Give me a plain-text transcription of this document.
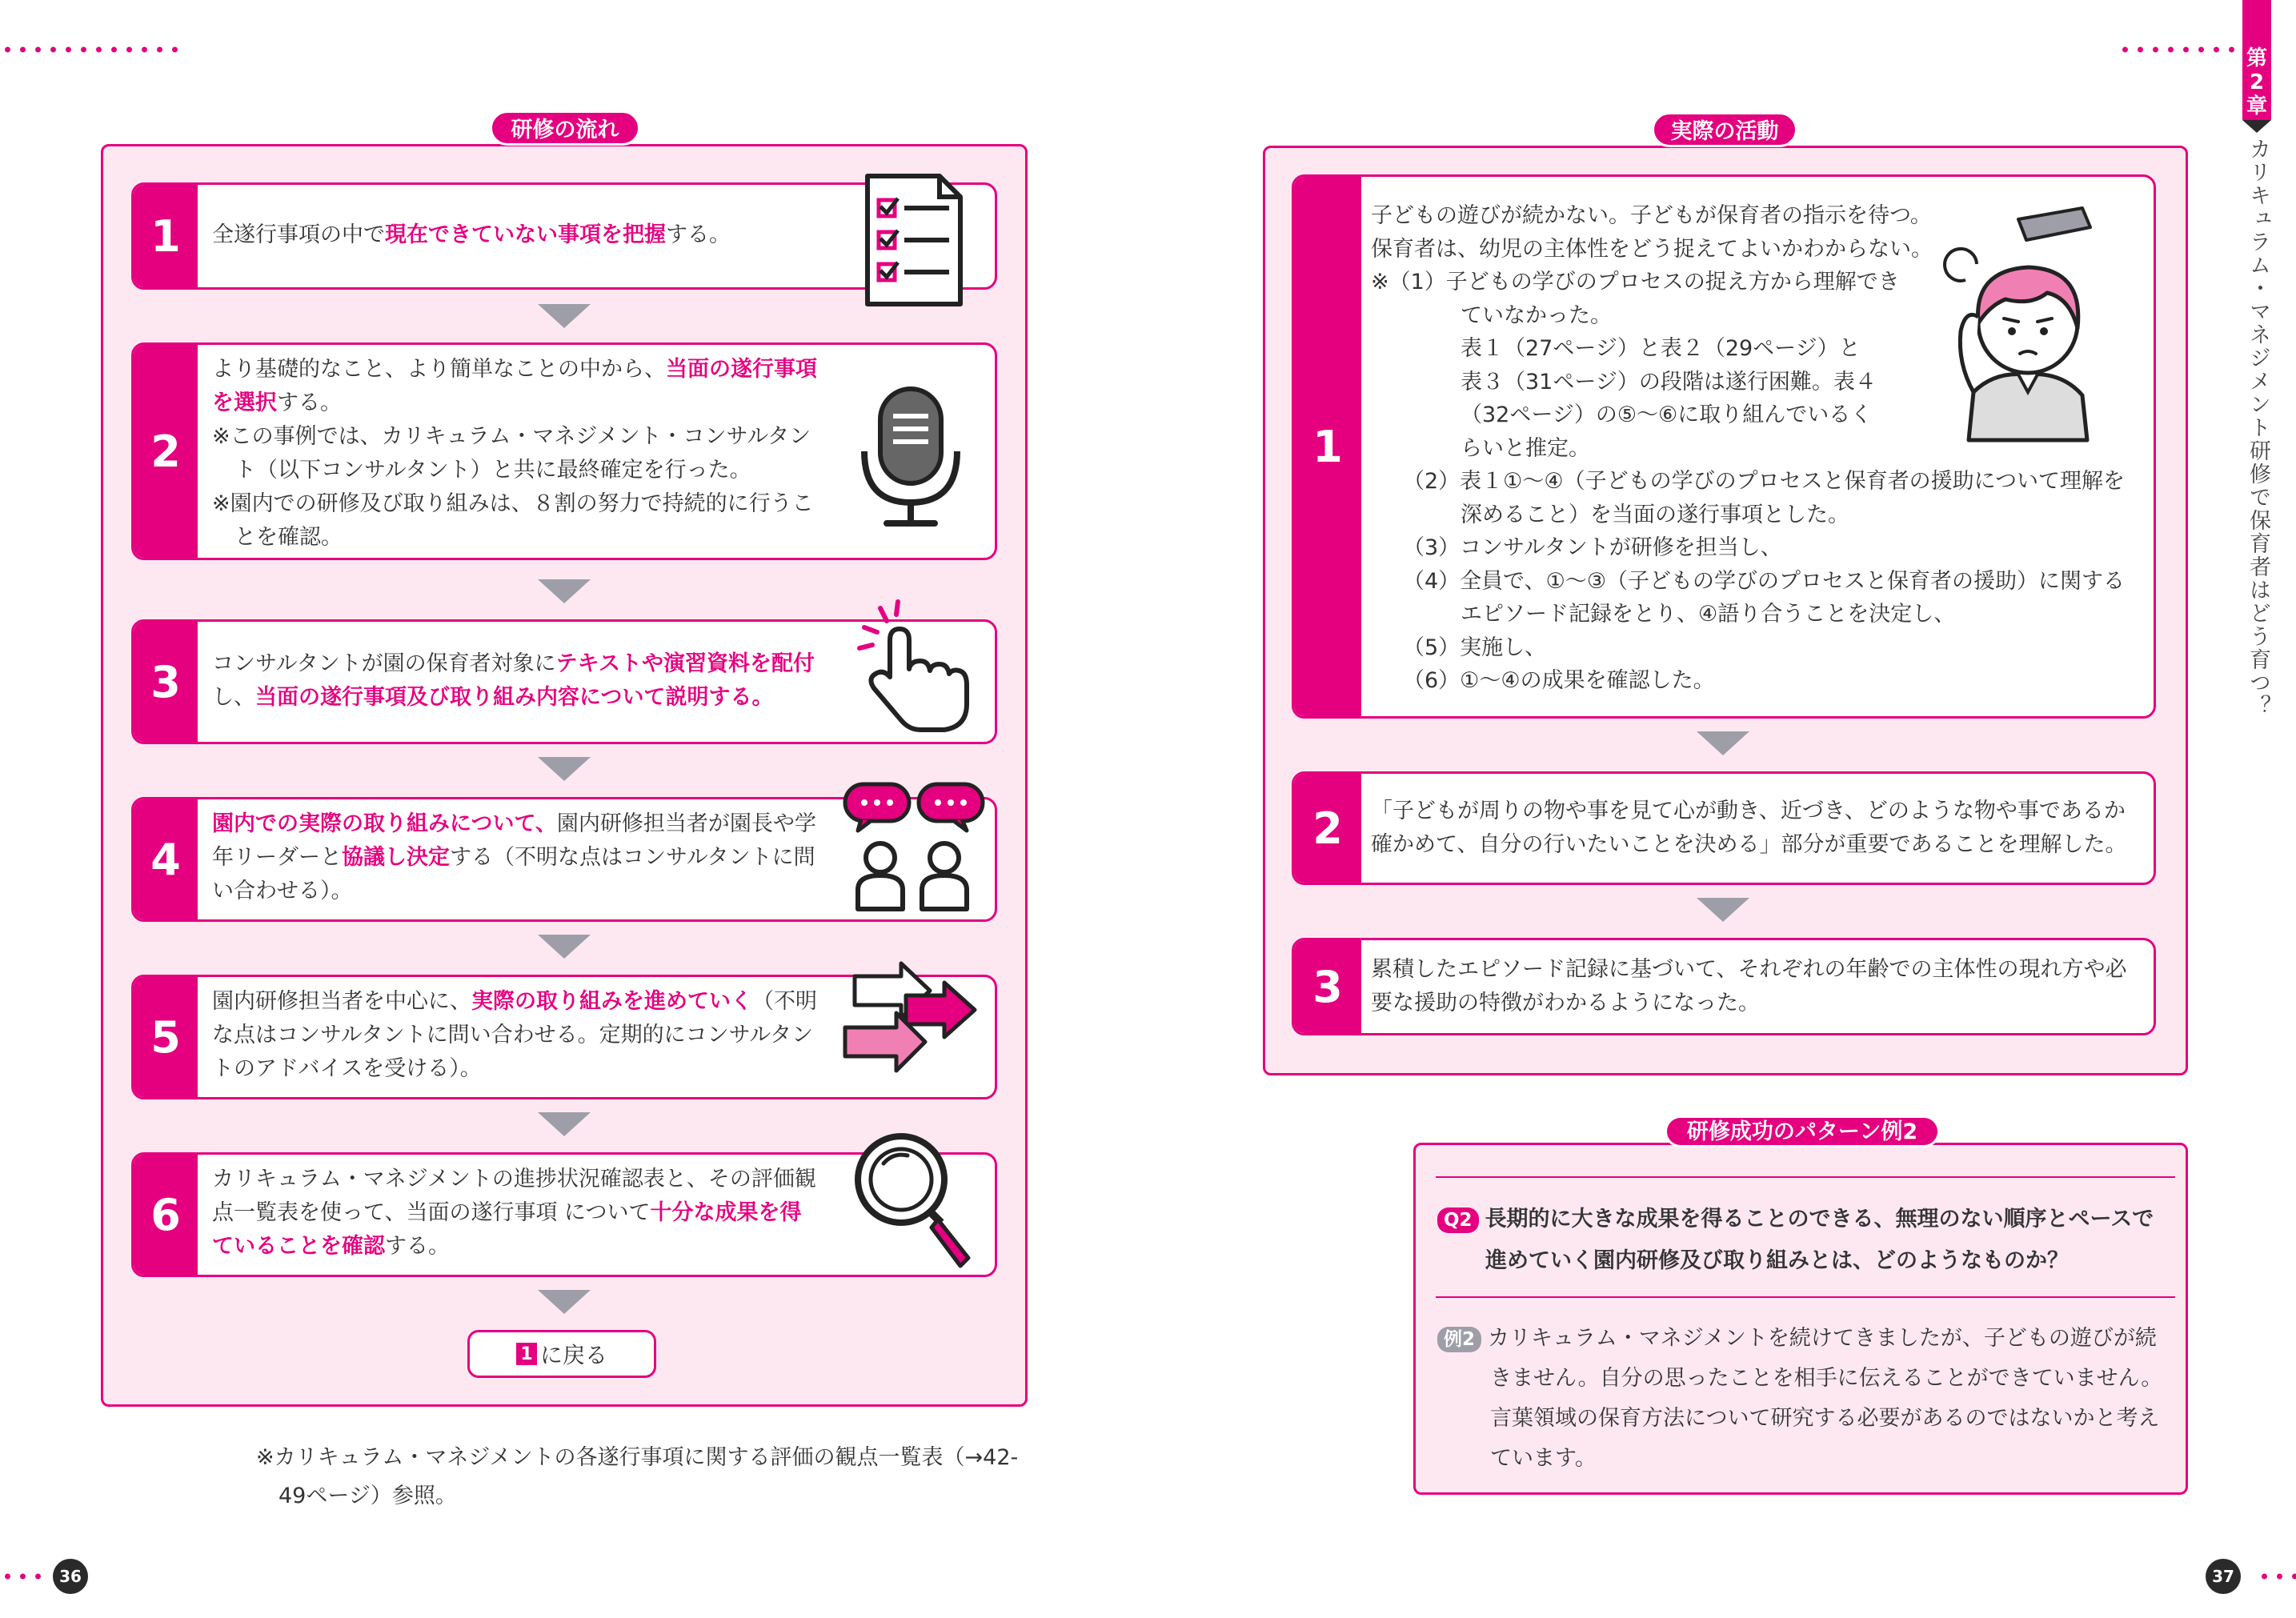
36	37
第
2
章
カリキュラム・マネジメント研修で保育者はどう育つ？
研修の流れ
1	全遂行事項の中で現在できていない事項を把握する。
2
より基礎的なこと、より簡単なことの中から、当面の遂行事項を選択する。
※この事例では、カリキュラム・マネジメント・コンサルタント（以下コンサルタント）と共に最終確定を行った。
※園内での研修及び取り組みは、８割の努力で持続的に行うことを確認。
3	コンサルタントが園の保育者対象にテキストや演習資料を配付し、当面の遂行事項及び取り組み内容について説明する。
4
園内での実際の取り組みについて、園内研修担当者が園長や学年リーダーと協議し決定する（不明な点はコンサルタントに問い合わせる）。
5
園内研修担当者を中心に、実際の取り組みを進めていく（不明な点はコンサルタントに問い合わせる。定期的にコンサルタントのアドバイスを受ける）。
6
カリキュラム・マネジメントの進捗状況確認表と、その評価観点一覧表を使って、当面の遂行事項 について十分な成果を得ていることを確認する。
1 に戻る
※カリキュラム・マネジメントの各遂行事項に関する評価の観点一覧表（→42-
49ページ）参照。
実際の活動
1
子どもの遊びが続かない。子どもが保育者の指示を待つ。
保育者は、幼児の主体性をどう捉えてよいかわからない。
※（1）子どもの学びのプロセスの捉え方から理解でき
ていなかった。
表１（27ページ）と表２（29ページ）と
表３（31ページ）の段階は遂行困難。表４
（32ページ）の⑤〜⑥に取り組んでいるく
らいと推定。
（2）表１①〜④（子どもの学びのプロセスと保育者の援助について理解を
深めること）を当面の遂行事項とした。
（3）コンサルタントが研修を担当し、
（4）全員で、①〜③（子どもの学びのプロセスと保育者の援助）に関する
エピソード記録をとり、④語り合うことを決定し、
（5）実施し、
（6）①〜④の成果を確認した。
2	「子どもが周りの物や事を見て心が動き、近づき、どのような物や事であるか
確かめて、自分の行いたいことを決める」部分が重要であることを理解した。
3	累積したエピソード記録に基づいて、それぞれの年齢での主体性の現れ方や必
要な援助の特徴がわかるようになった。
研修成功のパターン例2
Q2 長期的に大きな成果を得ることのできる、無理のない順序とペースで
進めていく園内研修及び取り組みとは、どのようなものか？
例2 カリキュラム・マネジメントを続けてきましたが、子どもの遊びが続
きません。自分の思ったことを相手に伝えることができていません。
言葉領域の保育方法について研究する必要があるのではないかと考え
ています。
